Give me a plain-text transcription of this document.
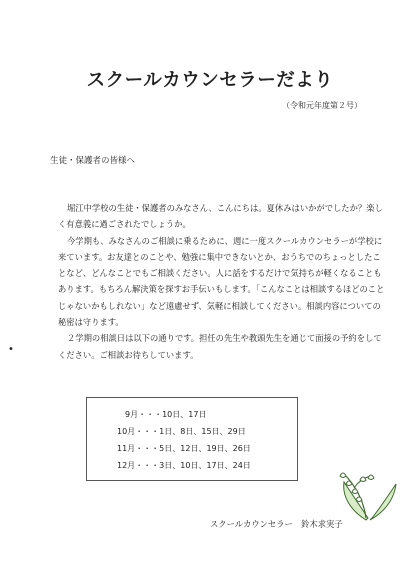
スクールカウンセラーだより
（令和元年度第２号）
生徒・保護者の皆様へ

堀江中学校の生徒・保護者のみなさん、こんにちは。夏休みはいかがでしたか？楽しく有意義に過ごされたでしょうか。

今学期も、みなさんのご相談に乗るために、週に一度スクールカウンセラーが学校に来ています。お友達とのことや、勉強に集中できないとか、おうちでのちょっとしたことなど、どんなことでもご相談ください。人に話をするだけで気持ちが軽くなることもあります。もちろん解決策を探すお手伝いもします。「こんなことは相談するほどのことじゃないかもしれない」など遠慮せず、気軽に相談してください。相談内容についての秘密は守ります。

２学期の相談日は以下の通りです。担任の先生や教頭先生を通じて面接の予約をしてください。ご相談お待ちしています。

•
9月・・・10日、17日
10月・・・1日、8日、15日、29日
11月・・・5日、12日、19日、26日
12月・・・3日、10日、17日、24日
スクールカウンセラー　鈴木求実子
